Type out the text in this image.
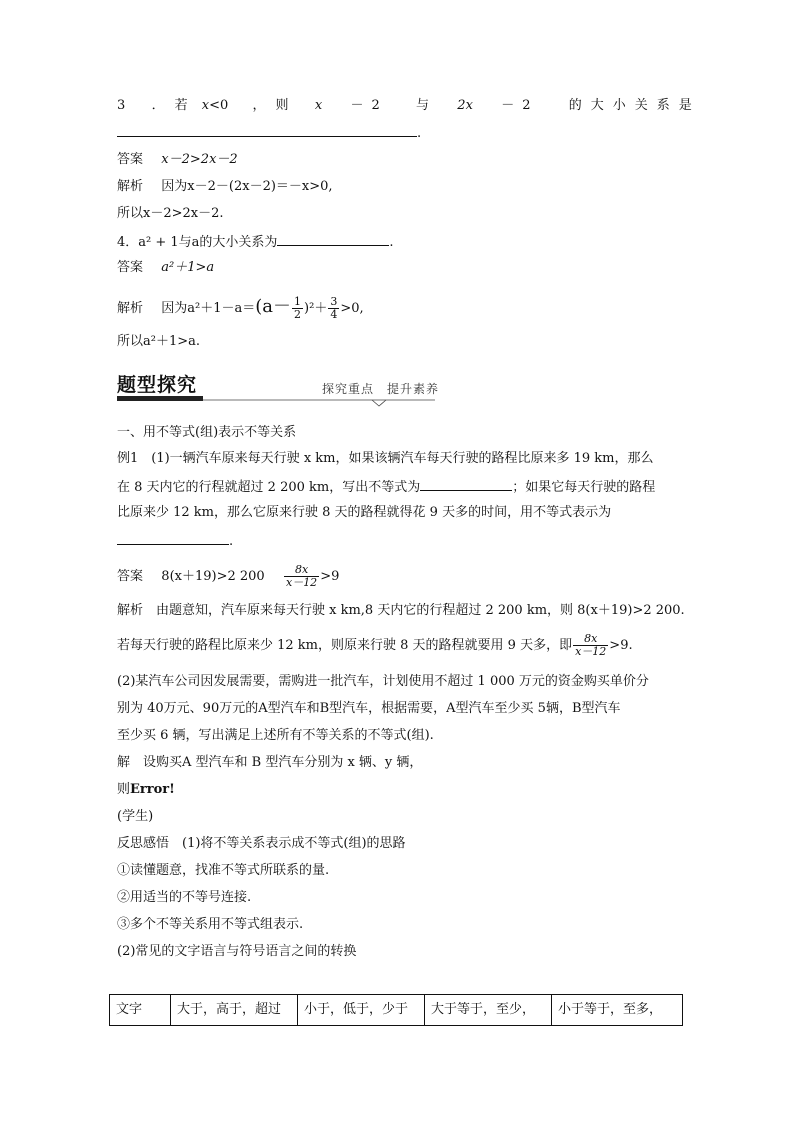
3 ．若 x<0 ，则 x －2 与 2x －2 的大小关系是
.
答案 x－2>2x－2
解析 因为x－2－(2x－2)＝－x>0,
所以x－2>2x－2.
4．a² + 1与a的大小关系为	.
答案 a²＋1>a
解析 因为$a^2+1-a=(a- \frac{1}{2} )^2+ \frac{3}{4} >0$,
所以a²＋1>a.
题型探究	探究重点　提升素养
一、用不等式(组)表示不等关系
例1　(1)一辆汽车原来每天行驶 x km，如果该辆汽车每天行驶的路程比原来多 19 km，那么
在 8 天内它的行程就超过 2 200 km，写出不等式为	；如果它每天行驶的路程
比原来少 12 km，那么它原来行驶 8 天的路程就得花 9 天多的时间，用不等式表示为
.
答案 8(x＋19)>2 $200 \frac{8x}{x-12} >9$
解析　由题意知，汽车原来每天行驶 x km,8 天内它的行程超过 2 200 km，则 8(x＋19)>2 200.
若每天行驶的路程比原来少 12 km，则原来行驶 8 天的路程就要用 9 天多，即 $\frac{8x}{x-12} >9$.
(2)某汽车公司因发展需要，需购进一批汽车，计划使用不超过 1 000 万元的资金购买单价分
别为 40万元、90万元的A型汽车和B型汽车，根据需要，A型汽车至少买 5辆，B型汽车
至少买 6 辆，写出满足上述所有不等关系的不等式(组).
解　设购买A 型汽车和 B 型汽车分别为 x 辆、y 辆，
则Error!
(学生)
反思感悟　(1)将不等关系表示成不等式(组)的思路
①读懂题意，找准不等式所联系的量.
②用适当的不等号连接.
③多个不等关系用不等式组表示.
(2)常见的文字语言与符号语言之间的转换
文字	大于，高于，超过	小于，低于，少于	大于等于，至少，	小于等于，至多，
